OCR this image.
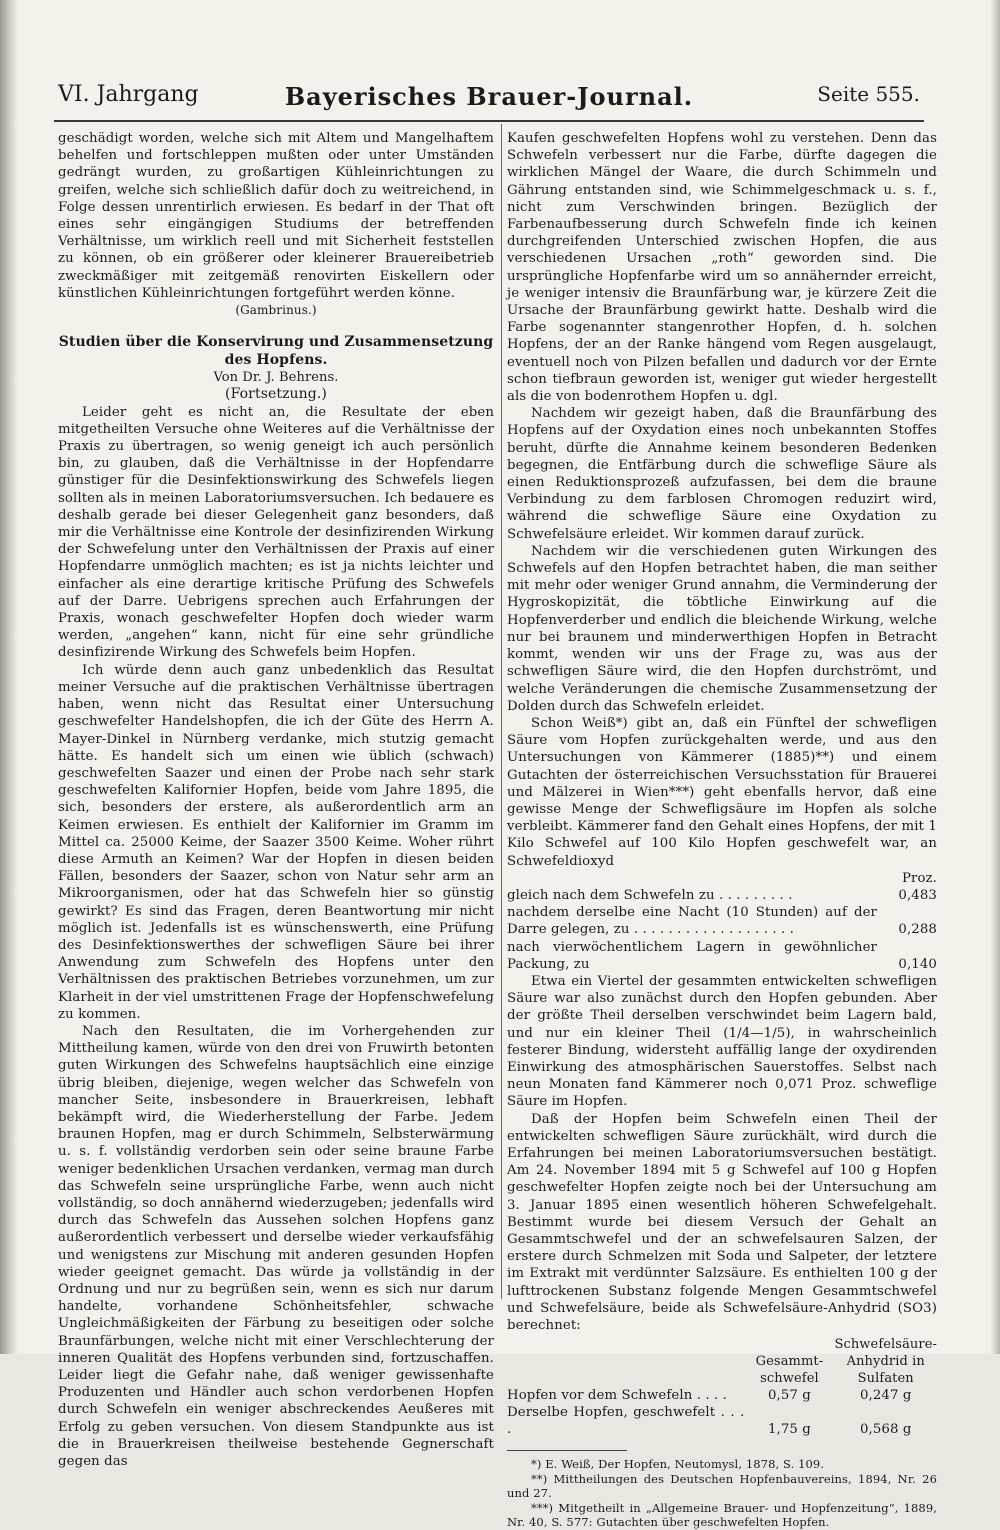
VI. Jahrgang	Bayerisches Brauer-Journal.	Seite 555.

geschädigt worden, welche sich mit Altem und Mangelhaftem behelfen und fortschleppen mußten oder unter Umständen gedrängt wurden, zu großartigen Kühleinrichtungen zu greifen, welche sich schließlich dafür doch zu weitreichend, in Folge dessen unrentirlich erwiesen. Es bedarf in der That oft eines sehr eingängigen Studiums der betreffenden Verhältnisse, um wirklich reell und mit Sicherheit feststellen zu können, ob ein größerer oder kleinerer Brauereibetrieb zweckmäßiger mit zeitgemäß renovirten Eiskellern oder künstlichen Kühleinrichtungen fortgeführt werden könne.

(Gambrinus.)

Studien über die Konservirung und Zusammensetzung des Hopfens.

Von Dr. J. Behrens.

(Fortsetzung.)

Leider geht es nicht an, die Resultate der eben mitgetheilten Versuche ohne Weiteres auf die Verhältnisse der Praxis zu übertragen, so wenig geneigt ich auch persönlich bin, zu glauben, daß die Verhältnisse in der Hopfendarre günstiger für die Desinfektionswirkung des Schwefels liegen sollten als in meinen Laboratoriumsversuchen. Ich bedauere es deshalb gerade bei dieser Gelegenheit ganz besonders, daß mir die Verhältnisse eine Kontrole der desinfizirenden Wirkung der Schwefelung unter den Verhältnissen der Praxis auf einer Hopfendarre unmöglich machten; es ist ja nichts leichter und einfacher als eine derartige kritische Prüfung des Schwefels auf der Darre. Uebrigens sprechen auch Erfahrungen der Praxis, wonach geschwefelter Hopfen doch wieder warm werden, „angehen“ kann, nicht für eine sehr gründliche desinfizirende Wirkung des Schwefels beim Hopfen.

Ich würde denn auch ganz unbedenklich das Resultat meiner Versuche auf die praktischen Verhältnisse übertragen haben, wenn nicht das Resultat einer Untersuchung geschwefelter Handelshopfen, die ich der Güte des Herrn A. Mayer-Dinkel in Nürnberg verdanke, mich stutzig gemacht hätte. Es handelt sich um einen wie üblich (schwach) geschwefelten Saazer und einen der Probe nach sehr stark geschwefelten Kalifornier Hopfen, beide vom Jahre 1895, die sich, besonders der erstere, als außerordentlich arm an Keimen erwiesen. Es enthielt der Kalifornier im Gramm im Mittel ca. 25000 Keime, der Saazer 3500 Keime. Woher rührt diese Armuth an Keimen? War der Hopfen in diesen beiden Fällen, besonders der Saazer, schon von Natur sehr arm an Mikroorganismen, oder hat das Schwefeln hier so günstig gewirkt? Es sind das Fragen, deren Beantwortung mir nicht möglich ist. Jedenfalls ist es wünschenswerth, eine Prüfung des Desinfektionswerthes der schwefligen Säure bei ihrer Anwendung zum Schwefeln des Hopfens unter den Verhältnissen des praktischen Betriebes vorzunehmen, um zur Klarheit in der viel umstrittenen Frage der Hopfenschwefelung zu kommen.

Nach den Resultaten, die im Vorhergehenden zur Mittheilung kamen, würde von den drei von Fruwirth betonten guten Wirkungen des Schwefelns hauptsächlich eine einzige übrig bleiben, diejenige, wegen welcher das Schwefeln von mancher Seite, insbesondere in Brauerkreisen, lebhaft bekämpft wird, die Wiederherstellung der Farbe. Jedem braunen Hopfen, mag er durch Schimmeln, Selbsterwärmung u. s. f. vollständig verdorben sein oder seine braune Farbe weniger bedenklichen Ursachen verdanken, vermag man durch das Schwefeln seine ursprüngliche Farbe, wenn auch nicht vollständig, so doch annähernd wiederzugeben; jedenfalls wird durch das Schwefeln das Aussehen solchen Hopfens ganz außerordentlich verbessert und derselbe wieder verkaufsfähig und wenigstens zur Mischung mit anderen gesunden Hopfen wieder geeignet gemacht. Das würde ja vollständig in der Ordnung und nur zu begrüßen sein, wenn es sich nur darum handelte, vorhandene Schönheitsfehler, schwache Ungleichmäßigkeiten der Färbung zu beseitigen oder solche Braunfärbungen, welche nicht mit einer Verschlechterung der inneren Qualität des Hopfens verbunden sind, fortzuschaffen. Leider liegt die Gefahr nahe, daß weniger gewissenhafte Produzenten und Händler auch schon verdorbenen Hopfen durch Schwefeln ein weniger abschreckendes Aeußeres mit Erfolg zu geben versuchen. Von diesem Standpunkte aus ist die in Brauerkreisen theilweise bestehende Gegnerschaft gegen das

Kaufen geschwefelten Hopfens wohl zu verstehen. Denn das Schwefeln verbessert nur die Farbe, dürfte dagegen die wirklichen Mängel der Waare, die durch Schimmeln und Gährung entstanden sind, wie Schimmelgeschmack u. s. f., nicht zum Verschwinden bringen. Bezüglich der Farbenaufbesserung durch Schwefeln finde ich keinen durchgreifenden Unterschied zwischen Hopfen, die aus verschiedenen Ursachen „roth“ geworden sind. Die ursprüngliche Hopfenfarbe wird um so annähernder erreicht, je weniger intensiv die Braunfärbung war, je kürzere Zeit die Ursache der Braunfärbung gewirkt hatte. Deshalb wird die Farbe sogenannter stangenrother Hopfen, d. h. solchen Hopfens, der an der Ranke hängend vom Regen ausgelaugt, eventuell noch von Pilzen befallen und dadurch vor der Ernte schon tiefbraun geworden ist, weniger gut wieder hergestellt als die von bodenrothem Hopfen u. dgl.

Nachdem wir gezeigt haben, daß die Braunfärbung des Hopfens auf der Oxydation eines noch unbekannten Stoffes beruht, dürfte die Annahme keinem besonderen Bedenken begegnen, die Entfärbung durch die schweflige Säure als einen Reduktionsprozeß aufzufassen, bei dem die braune Verbindung zu dem farblosen Chromogen reduzirt wird, während die schweflige Säure eine Oxydation zu Schwefelsäure erleidet. Wir kommen darauf zurück.

Nachdem wir die verschiedenen guten Wirkungen des Schwefels auf den Hopfen betrachtet haben, die man seither mit mehr oder weniger Grund annahm, die Verminderung der Hygroskopizität, die töbtliche Einwirkung auf die Hopfenverderber und endlich die bleichende Wirkung, welche nur bei braunem und minderwerthigen Hopfen in Betracht kommt, wenden wir uns der Frage zu, was aus der schwefligen Säure wird, die den Hopfen durchströmt, und welche Veränderungen die chemische Zusammensetzung der Dolden durch das Schwefeln erleidet.

Schon Weiß*) gibt an, daß ein Fünftel der schwefligen Säure vom Hopfen zurückgehalten werde, und aus den Untersuchungen von Kämmerer (1885)**) und einem Gutachten der österreichischen Versuchsstation für Brauerei und Mälzerei in Wien***) geht ebenfalls hervor, daß eine gewisse Menge der Schwefligsäure im Hopfen als solche verbleibt. Kämmerer fand den Gehalt eines Hopfens, der mit 1 Kilo Schwefel auf 100 Kilo Hopfen geschwefelt war, an Schwefeldioxyd

Proz.

gleich nach dem Schwefeln zu . . . . . . . . .	0,483
nachdem derselbe eine Nacht (10 Stunden) auf der Darre gelegen, zu . . . . . . . . . . . . . . . . . . .	0,288
nach vierwöchentlichem Lagern in gewöhnlicher Packung, zu	0,140

Etwa ein Viertel der gesammten entwickelten schwefligen Säure war also zunächst durch den Hopfen gebunden. Aber der größte Theil derselben verschwindet beim Lagern bald, und nur ein kleiner Theil (1/4—1/5), in wahrscheinlich festerer Bindung, widersteht auffällig lange der oxydirenden Einwirkung des atmosphärischen Sauerstoffes. Selbst nach neun Monaten fand Kämmerer noch 0,071 Proz. schweflige Säure im Hopfen.

Daß der Hopfen beim Schwefeln einen Theil der entwickelten schwefligen Säure zurückhält, wird durch die Erfahrungen bei meinen Laboratoriumsversuchen bestätigt. Am 24. November 1894 mit 5 g Schwefel auf 100 g Hopfen geschwefelter Hopfen zeigte noch bei der Untersuchung am 3. Januar 1895 einen wesentlich höheren Schwefelgehalt. Bestimmt wurde bei diesem Versuch der Gehalt an Gesammtschwefel und der an schwefelsauren Salzen, der erstere durch Schmelzen mit Soda und Salpeter, der letztere im Extrakt mit verdünnter Salzsäure. Es enthielten 100 g der lufttrockenen Substanz folgende Mengen Gesammtschwefel und Schwefelsäure, beide als Schwefelsäure-Anhydrid (SO3) berechnet:

	Gesammt-schwefel	Schwefelsäure-Anhydrid in Sulfaten
Hopfen vor dem Schwefeln . . . .	0,57 g	0,247 g
Derselbe Hopfen, geschwefelt . . . .	1,75 g	0,568 g

*) E. Weiß, Der Hopfen, Neutomysl, 1878, S. 109.

**) Mittheilungen des Deutschen Hopfenbauvereins, 1894, Nr. 26 und 27.

***) Mitgetheilt in „Allgemeine Brauer- und Hopfenzeitung“, 1889, Nr. 40, S. 577: Gutachten über geschwefelten Hopfen.
